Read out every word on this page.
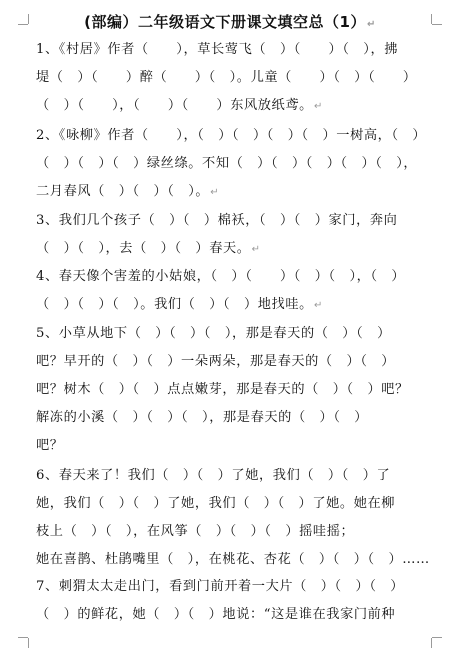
(部编）二年级语文下册课文填空总（1）↵
1、《村居》作者（　　），草长莺飞（　）（　　）（　），拂
堤（　）（　　）醉（　　）（　）。儿童（　　）（　）（　　）
（　）（　　），（　　）（　　）东风放纸鸢。↵
2、《咏柳》作者（　　），（　）（　）（　）（　）一树高，（　）
（　）（　）（　）绿丝绦。不知（　）（　）（　）（　）（　），
二月春风（　）（　）（　）。↵
3、我们几个孩子（　）（　）棉袄，（　）（　）家门，奔向
（　）（　），去（　）（　）春天。↵
4、春天像个害羞的小姑娘，（　）（　　）（　）（　），（　）
（　）（　）（　）。我们（　）（　）地找哇。↵
5、小草从地下（　）（　）（　），那是春天的（　）（　）
吧？早开的（　）（　）一朵两朵，那是春天的（　）（　）
吧？树木（　）（　）点点嫩芽，那是春天的（　）（　）吧？
解冻的小溪（　）（　）（　），那是春天的（　）（　）
吧？
6、春天来了！我们（　）（　）了她，我们（　）（　）了
她，我们（　）（　）了她，我们（　）（　）了她。她在柳
枝上（　）（　），在风筝（　）（　）（　）摇哇摇；
她在喜鹊、杜鹃嘴里（　），在桃花、杏花（　）（　）（　）……
7、刺猬太太走出门，看到门前开着一大片（　）（　）（　）
（　）的鲜花，她（　）（　）地说：“这是谁在我家门前种
